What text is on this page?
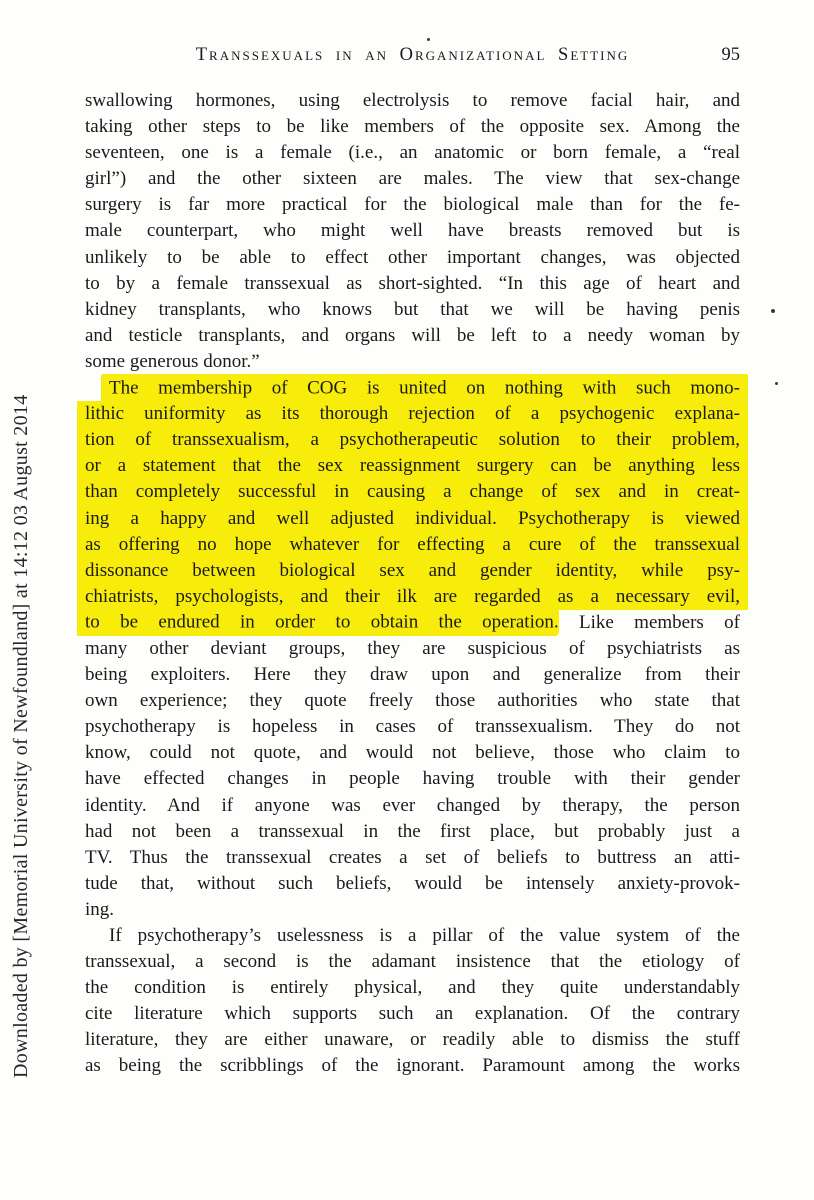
Downloaded by [Memorial University of Newfoundland] at 14:12 03 August 2014
Transsexuals in an Organizational Setting	95
swallowing hormones, using electrolysis to remove facial hair, and
taking other steps to be like members of the opposite sex. Among the
seventeen, one is a female (i.e., an anatomic or born female, a “real
girl”) and the other sixteen are males. The view that sex-change
surgery is far more practical for the biological male than for the fe-
male counterpart, who might well have breasts removed but is
unlikely to be able to effect other important changes, was objected
to by a female transsexual as short-sighted. “In this age of heart and
kidney transplants, who knows but that we will be having penis
and testicle transplants, and organs will be left to a needy woman by
some generous donor.”
The membership of COG is united on nothing with such mono-
lithic uniformity as its thorough rejection of a psychogenic explana-
tion of transsexualism, a psychotherapeutic solution to their problem,
or a statement that the sex reassignment surgery can be anything less
than completely successful in causing a change of sex and in creat-
ing a happy and well adjusted individual. Psychotherapy is viewed
as offering no hope whatever for effecting a cure of the transsexual
dissonance between biological sex and gender identity, while psy-
chiatrists, psychologists, and their ilk are regarded as a necessary evil,
to be endured in order to obtain the operation. Like members of
many other deviant groups, they are suspicious of psychiatrists as
being exploiters. Here they draw upon and generalize from their
own experience; they quote freely those authorities who state that
psychotherapy is hopeless in cases of transsexualism. They do not
know, could not quote, and would not believe, those who claim to
have effected changes in people having trouble with their gender
identity. And if anyone was ever changed by therapy, the person
had not been a transsexual in the first place, but probably just a
TV. Thus the transsexual creates a set of beliefs to buttress an atti-
tude that, without such beliefs, would be intensely anxiety-provok-
ing.
If psychotherapy’s uselessness is a pillar of the value system of the
transsexual, a second is the adamant insistence that the etiology of
the condition is entirely physical, and they quite understandably
cite literature which supports such an explanation. Of the contrary
literature, they are either unaware, or readily able to dismiss the stuff
as being the scribblings of the ignorant. Paramount among the works
